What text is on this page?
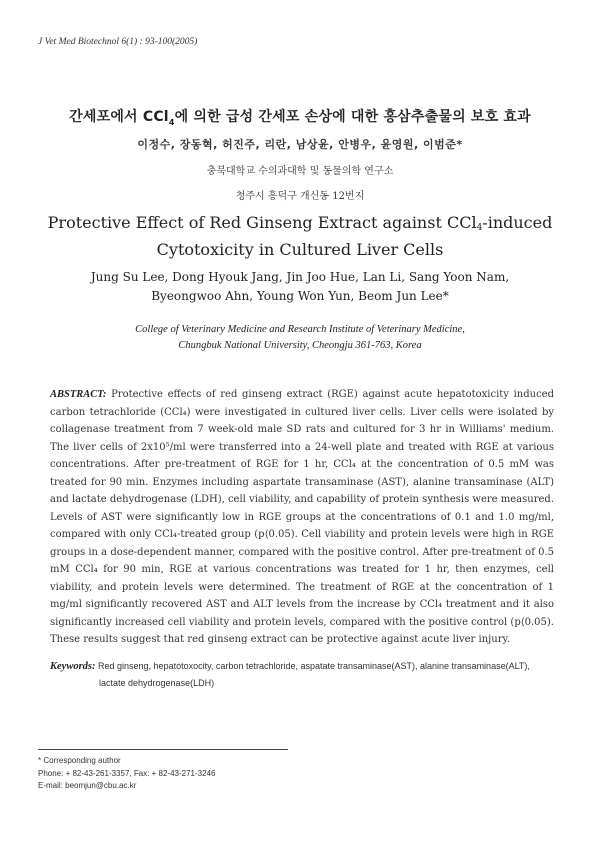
J Vet Med Biotechnol 6(1) : 93-100(2005)
간세포에서 CCl$_4$에 의한 급성 간세포 손상에 대한 홍삼추출물의 보호 효과
이정수, 장동혁, 허진주, 리란, 남상윤, 안병우, 윤영원, 이범준*
충북대학교 수의과대학 및 동물의학 연구소
청주시 흥덕구 개신동 12번지
Protective Effect of Red Ginseng Extract against CCl$_4$-induced
Cytotoxicity in Cultured Liver Cells
Jung Su Lee, Dong Hyouk Jang, Jin Joo Hue, Lan Li, Sang Yoon Nam,
Byeongwoo Ahn, Young Won Yun, Beom Jun Lee*
College of Veterinary Medicine and Research Institute of Veterinary Medicine,
Chungbuk National University, Cheongju 361-763, Korea
ABSTRACT: Protective effects of red ginseng extract (RGE) against acute hepatotoxicity induced carbon tetrachloride (CCl₄) were investigated in cultured liver cells. Liver cells were isolated by collagenase treatment from 7 week-old male SD rats and cultured for 3 hr in Williams' medium. The liver cells of 2x10⁵/ml were transferred into a 24-well plate and treated with RGE at various concentrations. After pre-treatment of RGE for 1 hr, CCl₄ at the concentration of 0.5 mM was treated for 90 min. Enzymes including aspartate transaminase (AST), alanine transaminase (ALT) and lactate dehydrogenase (LDH), cell viability, and capability of protein synthesis were measured. Levels of AST were significantly low in RGE groups at the concentrations of 0.1 and 1.0 mg/ml, compared with only CCl₄-treated group (p⟨0.05). Cell viability and protein levels were high in RGE groups in a dose-dependent manner, compared with the positive control. After pre-treatment of 0.5 mM CCl₄ for 90 min, RGE at various concentrations was treated for 1 hr, then enzymes, cell viability, and protein levels were determined. The treatment of RGE at the concentration of 1 mg/ml significantly recovered AST and ALT levels from the increase by CCl₄ treatment and it also significantly increased cell viability and protein levels, compared with the positive control (p⟨0.05). These results suggest that red ginseng extract can be protective against acute liver injury.
Keywords: Red ginseng, hepatotoxocity, carbon tetrachloride, aspatate transaminase(AST), alanine transaminase(ALT),
lactate dehydrogenase(LDH)
* Corresponding author
Phone: + 82-43-261-3357, Fax: + 82-43-271-3246
E-mail: beomjun@cbu.ac.kr
